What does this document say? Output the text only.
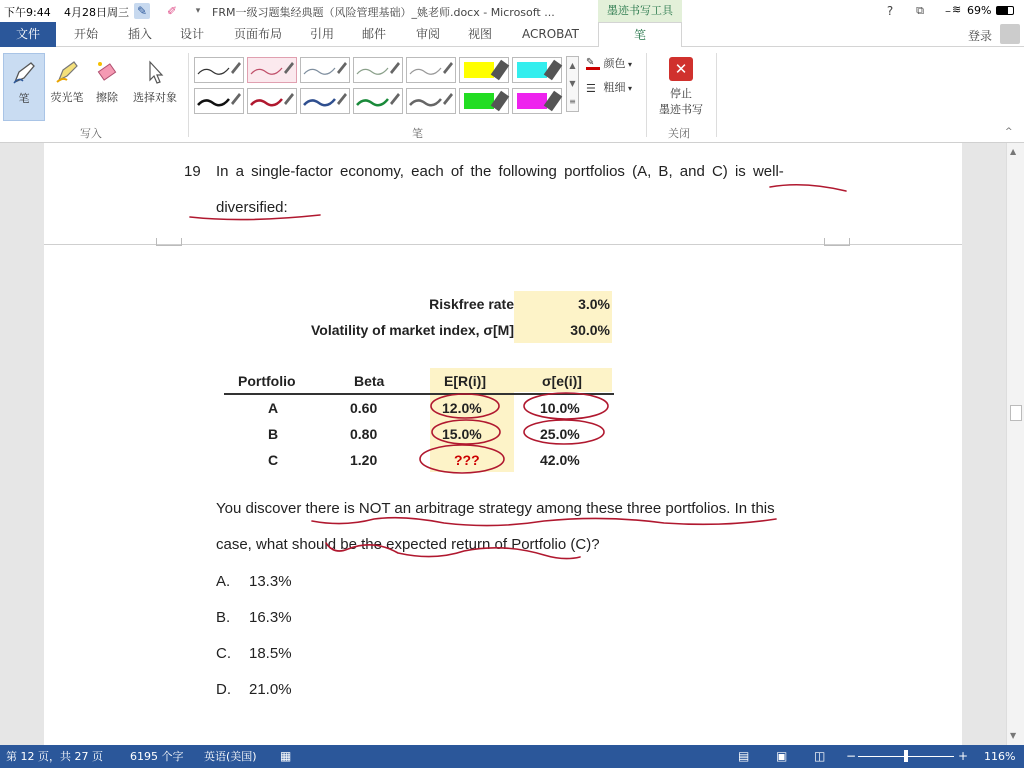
下午9:44 4月28日周三 ✎ ✐	▾	FRM一级习题集经典题（风险管理基础）_姚老师.docx - Microsoft ...	墨迹书写工具	?	⧉	– ≋ 69%
文件	开始	插入	设计	页面布局	引用	邮件	审阅	视图	ACROBAT	笔	登录
笔	荧光笔	擦除	选择对象
写入
▲
▼
≡
笔
✎ 颜色 ▾
☰ 粗细 ▾
✕
停止
墨迹书写
关闭	^
19 In a single-factor economy, each of the following portfolios (A, B, and C) is well-
diversified:
Riskfree rate	3.0%
Volatility of market index, σ[M]	30.0%
Portfolio	Beta	E[R(i)]	σ[e(i)]
A	0.60	12.0%	10.0%
B	0.80	15.0%	25.0%
C	1.20	???	42.0%
You discover there is NOT an arbitrage strategy among these three portfolios. In this
case, what should be the expected return of Portfolio (C)?
A. 13.3%
B. 16.3%
C. 18.5%
D. 21.0%
▲
▼
第 12 页，共 27 页 6195 个字 英语(美国) ▦	▤ ▣ ◫ −	+ 116%
